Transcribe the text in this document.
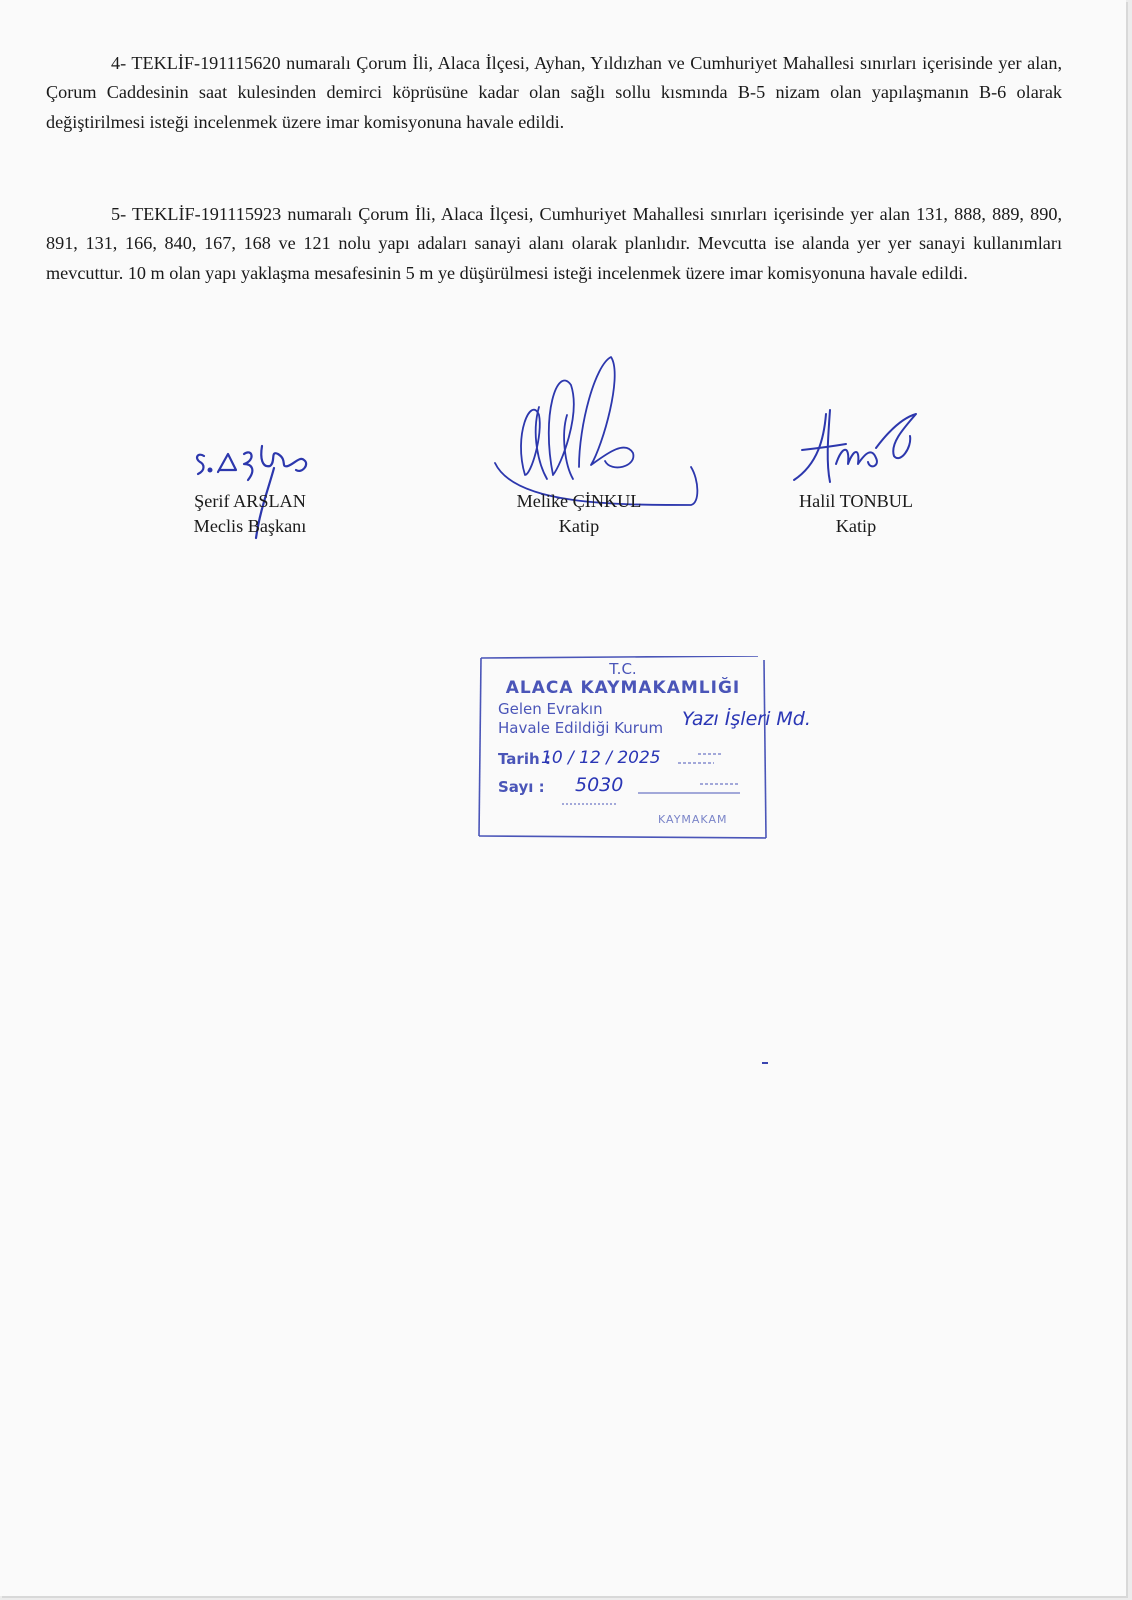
4- TEKLİF-191115620 numaralı Çorum İli, Alaca İlçesi, Ayhan, Yıldızhan ve Cumhuriyet Mahallesi sınırları içerisinde yer alan, Çorum Caddesinin saat kulesinden demirci köprüsüne kadar olan sağlı sollu kısmında B-5 nizam olan yapılaşmanın B-6 olarak değiştirilmesi isteği incelenmek üzere imar komisyonuna havale edildi.

5- TEKLİF-191115923 numaralı Çorum İli, Alaca İlçesi, Cumhuriyet Mahallesi sınırları içerisinde yer alan 131, 888, 889, 890, 891, 131, 166, 840, 167, 168 ve 121 nolu yapı adaları sanayi alanı olarak planlıdır. Mevcutta ise alanda yer yer sanayi kullanımları mevcuttur. 10 m olan yapı yaklaşma mesafesinin 5 m ye düşürülmesi isteği incelenmek üzere imar komisyonuna havale edildi.

Şerif ARSLAN
Meclis Başkanı
Melike ÇİNKUL
Katip
Halil TONBUL
Katip
T.C.
ALACA KAYMAKAMLIĞI
Gelen Evrakın
Havale Edildiği Kurum
Tarih :
Sayı :
KAYMAKAM
Yazı İşleri Md.
10 / 12 / 2025
5030
